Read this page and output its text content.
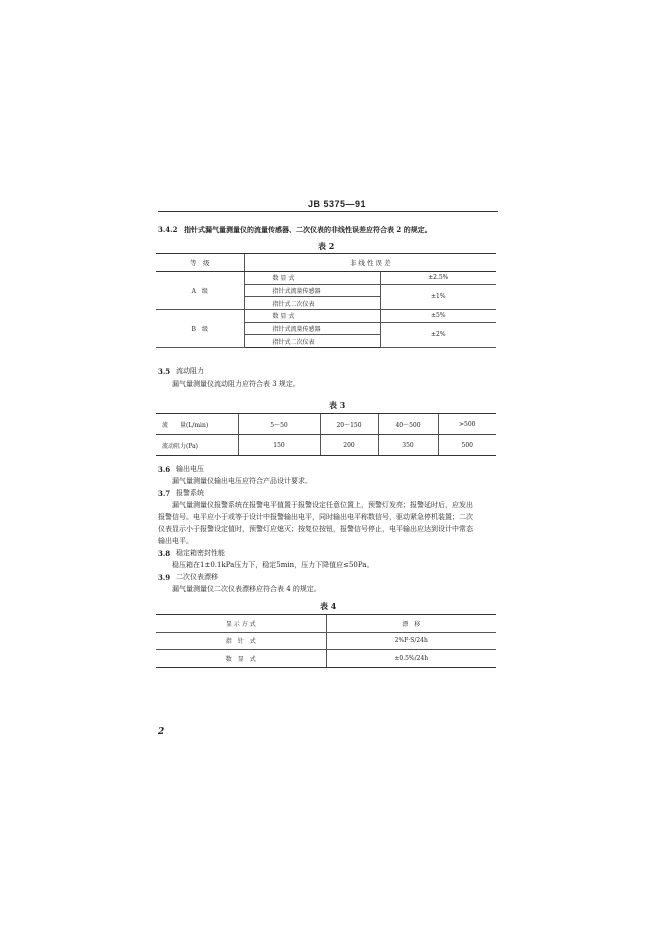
JB 5375—91
3.4.2 指针式漏气量测量仪的流量传感器、二次仪表的非线性误差应符合表 2 的规定。
表 2
等　级	非 线 性 误 差	
A　级	数 显 式	±2.5%
	指针式流量传感器	±1%
	指针式二次仪表	
B　级	数 显 式	±5%
	指针式流量传感器	±2%
	指针式二次仪表	
3.5 流动阻力
漏气量测量仪流动阻力应符合表 3 规定。
表 3
流　　量(L/min)	5～50	20～150	40～500	>500
流动阻力(Pa)	150	200	350	500
3.6 输出电压
漏气量测量仪输出电压应符合产品设计要求。
3.7 报警系统
漏气量测量仪报警系统在报警电平值置于报警设定任意位置上，预警灯发亮；报警延时后，应发出
报警信号。电平应小于或等于设计中报警输出电平，同时输出电平称数信号，驱动紧急停机装置；二次
仪表显示小于报警设定值时，预警灯应熄灭；按复位按钮，报警信号停止，电平输出应达到设计中常态
输出电平。
3.8 稳定箱密封性能
稳压箱在1±0.1kPa压力下，稳定5min，压力下降值应≤50Pa。
3.9 二次仪表漂移
漏气量测量仪二次仪表漂移应符合表 4 的规定。
表 4
显 示 方 式	漂　移
指　针　式	2%F·S/24h
数　显　式	±0.5%/24h
2
